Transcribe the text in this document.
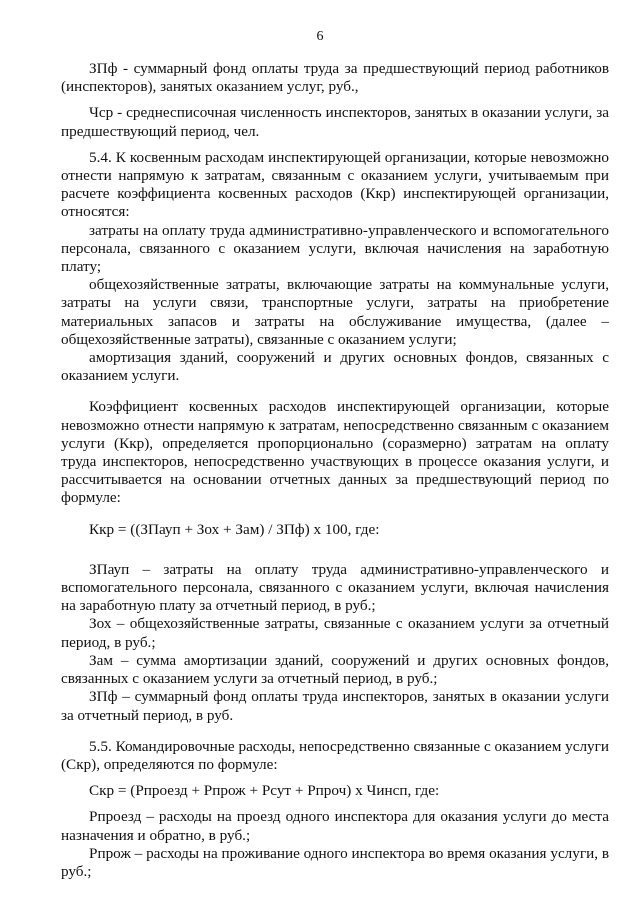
6

ЗПф - суммарный фонд оплаты труда за предшествующий период работников (инспекторов), занятых оказанием услуг, руб.,

Чср - среднесписочная численность инспекторов, занятых в оказании услуги, за предшествующий период, чел.

5.4. К косвенным расходам инспектирующей организации, которые невозможно отнести напрямую к затратам, связанным с оказанием услуги, учитываемым при расчете коэффициента косвенных расходов (Ккр) инспектирующей организации, относятся:

затраты на оплату труда административно-управленческого и вспомогательного персонала, связанного с оказанием услуги, включая начисления на заработную плату;

общехозяйственные затраты, включающие затраты на коммунальные услуги, затраты на услуги связи, транспортные услуги, затраты на приобретение материальных запасов и затраты на обслуживание имущества, (далее – общехозяйственные затраты), связанные с оказанием услуги;

амортизация зданий, сооружений и других основных фондов, связанных с оказанием услуги.

Коэффициент косвенных расходов инспектирующей организации, которые невозможно отнести напрямую к затратам, непосредственно связанным с оказанием услуги (Ккр), определяется пропорционально (соразмерно) затратам на оплату труда инспекторов, непосредственно участвующих в процессе оказания услуги, и рассчитывается на основании отчетных данных за предшествующий период по формуле:

Ккр = ((ЗПауп + Зох + Зам) / ЗПф) х 100, где:

ЗПауп – затраты на оплату труда административно-управленческого и вспомогательного персонала, связанного с оказанием услуги, включая начисления на заработную плату за отчетный период, в руб.;

Зох – общехозяйственные затраты, связанные с оказанием услуги за отчетный период, в руб.;

Зам – сумма амортизации зданий, сооружений и других основных фондов, связанных с оказанием услуги за отчетный период, в руб.;

ЗПф – суммарный фонд оплаты труда инспекторов, занятых в оказании услуги за отчетный период, в руб.

5.5. Командировочные расходы, непосредственно связанные с оказанием услуги (Скр), определяются по формуле:

Скр = (Рпроезд + Рпрож + Рсут + Рпроч) х Чинсп, где:

Рпроезд – расходы на проезд одного инспектора для оказания услуги до места назначения и обратно, в руб.;

Рпрож – расходы на проживание одного инспектора во время оказания услуги, в руб.;
